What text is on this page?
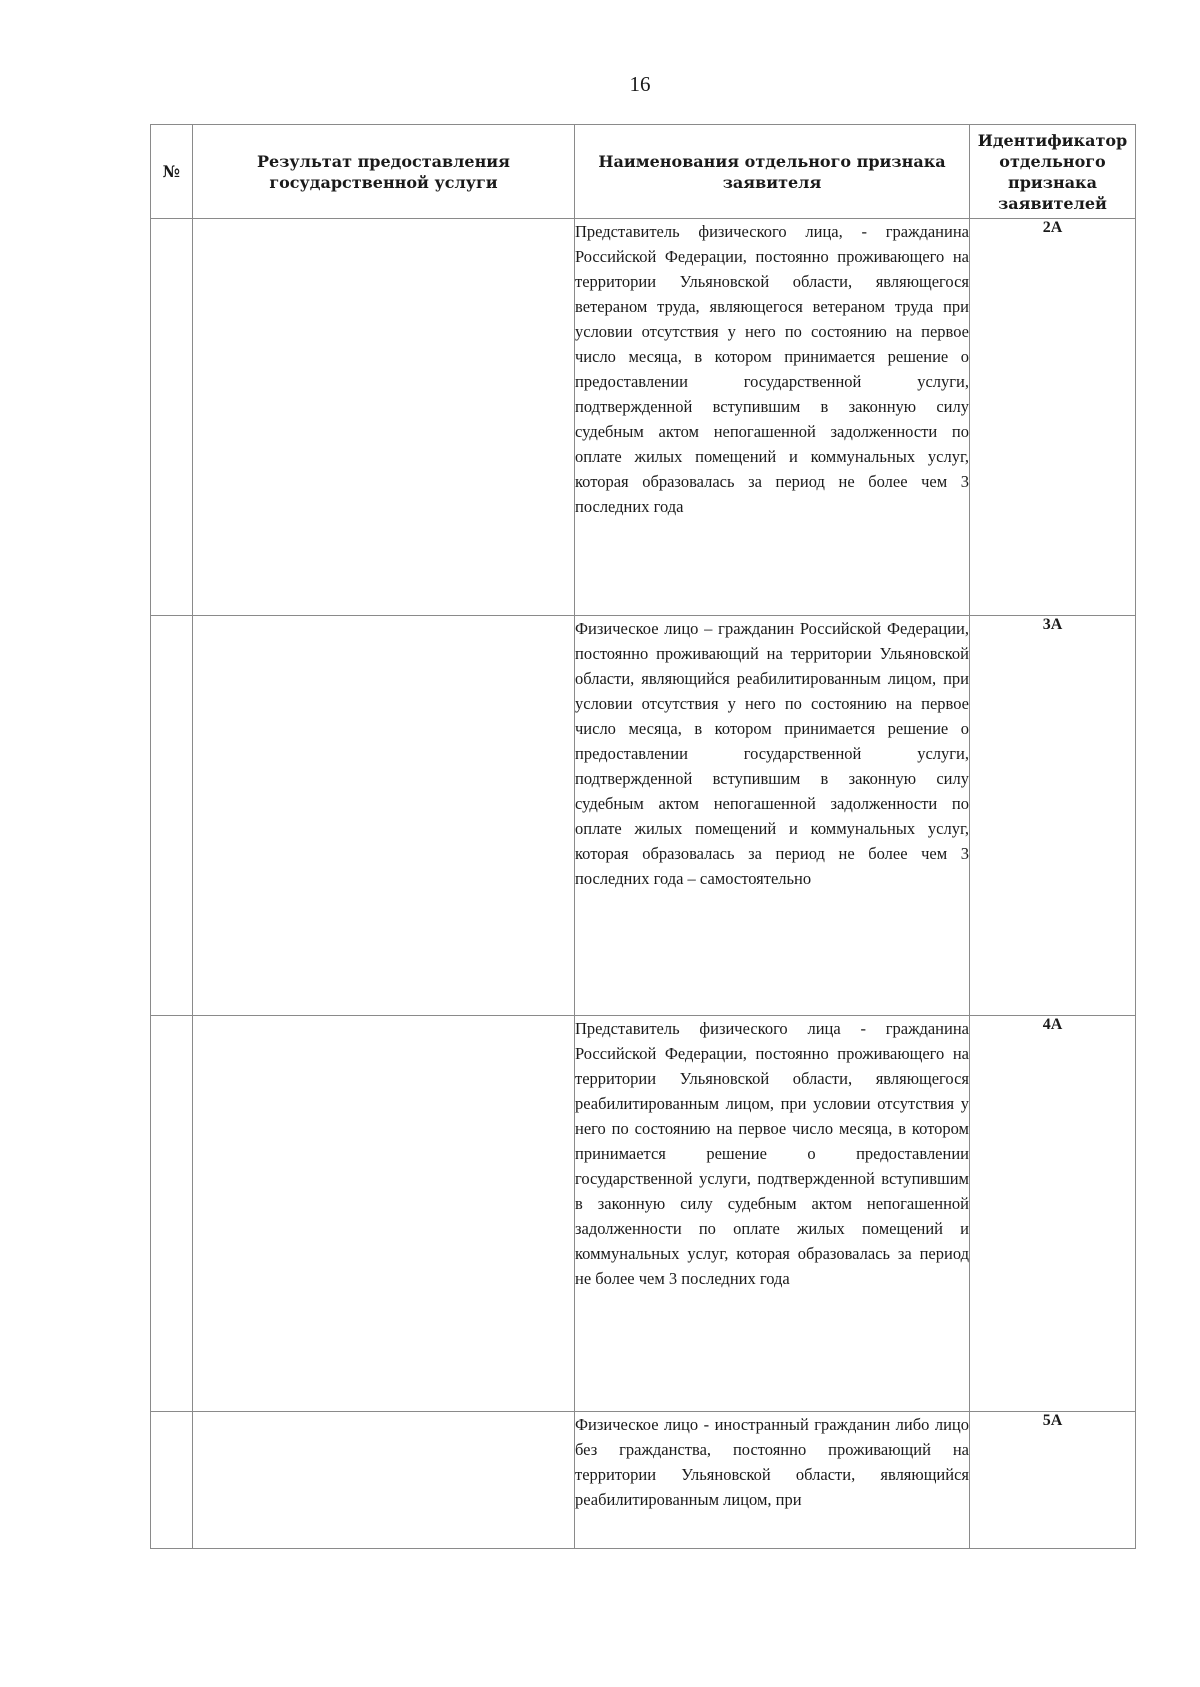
16
№	Результат предоставления государственной услуги	Наименования отдельного признака заявителя	Идентификатор отдельного признака заявителей

		Представитель физического лица, - гражданина Российской Федерации, постоянно проживающего на территории Ульяновской области, являющегося ветераном труда, являющегося ветераном труда при условии отсутствия у него по состоянию на первое число месяца, в котором принимается решение о предоставлении государственной услуги, подтвержденной вступившим в законную силу судебным актом непогашенной задолженности по оплате жилых помещений и коммунальных услуг, которая образовалась за период не более чем 3 последних года	2А
		Физическое лицо – гражданин Российской Федерации, постоянно проживающий на территории Ульяновской области, являющийся реабилитированным лицом, при условии отсутствия у него по состоянию на первое число месяца, в котором принимается решение о предоставлении государственной услуги, подтвержденной вступившим в законную силу судебным актом непогашенной задолженности по оплате жилых помещений и коммунальных услуг, которая образовалась за период не более чем 3 последних года – самостоятельно	3А
		Представитель физического лица - гражданина Российской Федерации, постоянно проживающего на территории Ульяновской области, являющегося реабилитированным лицом, при условии отсутствия у него по состоянию на первое число месяца, в котором принимается решение о предоставлении государственной услуги, подтвержденной вступившим в законную силу судебным актом непогашенной задолженности по оплате жилых помещений и коммунальных услуг, которая образовалась за период не более чем 3 последних года	4А
		Физическое лицо - иностранный гражданин либо лицо без гражданства, постоянно проживающий на территории Ульяновской области, являющийся реабилитированным лицом, при	5А
